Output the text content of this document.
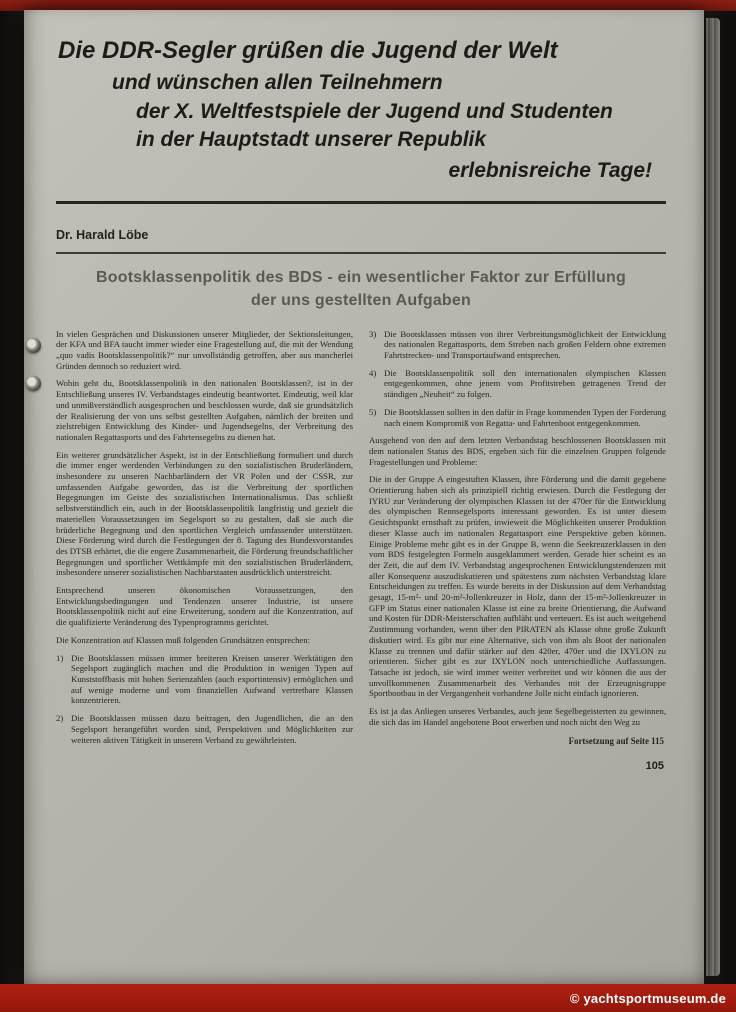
Die DDR-Segler grüßen die Jugend der Welt
und wünschen allen Teilnehmern
der X. Weltfestspiele der Jugend und Studenten
in der Hauptstadt unserer Republik
erlebnisreiche Tage!
Dr. Harald Löbe
Bootsklassenpolitik des BDS - ein wesentlicher Faktor zur Erfüllung
der uns gestellten Aufgaben

In vielen Gesprächen und Diskussionen unserer Mitglieder, der Sektionsleitungen, der KFA und BFA taucht immer wieder eine Fragestellung auf, die mit der Wendung „quo vadis Bootsklassenpolitik?“ nur unvollständig getroffen, aber aus mancherlei Gründen dennoch so reduziert wird.

Wohin geht du, Bootsklassenpolitik in den nationalen Bootsklassen?, ist in der Entschließung unseres IV. Verbandstages eindeutig beantwortet. Eindeutig, weil klar und unmißverständlich ausgesprochen und beschlossen wurde, daß sie grundsätzlich der Realisierung der von uns selbst gestellten Aufgaben, nämlich der breiten und zielstrebigen Entwicklung des Kinder- und Jugendsegelns, der Verbreitung des nationalen Regattasports und des Fahrtensegelns zu dienen hat.

Ein weiterer grundsätzlicher Aspekt, ist in der Entschließung formuliert und durch die immer enger werdenden Verbindungen zu den sozialistischen Bruderländern, insbesondere zu unseren Nachbarländern der VR Polen und der CSSR, zur umfassenden Aufgabe geworden, das ist die Verbreitung der sportlichen Begegnungen im Geiste des sozialistischen Internationalismus. Das schließt selbstverständlich ein, auch in der Bootsklassenpolitik langfristig und gezielt die materiellen Voraussetzungen im Segelsport so zu gestalten, daß sie auch die brüderliche Begegnung und den sportlichen Vergleich umfassender unterstützen. Diese Förderung wird durch die Festlegungen der 8. Tagung des Bundesvorstandes des DTSB erhärtet, die die engere Zusammenarbeit, die Förderung freundschaftlicher Begegnungen und sportlicher Wettkämpfe mit den sozialistischen Bruderländern, insbesondere unserer sozialistischen Nachbarstaaten ausdrücklich unterstreicht.

Entsprechend unseren ökonomischen Voraussetzungen, den Entwicklungsbedingungen und Tendenzen unserer Industrie, ist unsere Bootsklassenpolitik nicht auf eine Erweiterung, sondern auf die Konzentration, auf die qualifizierte Veränderung des Typenprogramms gerichtet.

Die Konzentration auf Klassen muß folgenden Grundsätzen entsprechen:

1) Die Bootsklassen müssen immer breiteren Kreisen unserer Werktätigen den Segelsport zugänglich machen und die Produktion in wenigen Typen auf Kunststoffbasis mit hohen Serienzahlen (auch exportintensiv) ermöglichen und auf wenige moderne und vom finanziellen Aufwand vertretbare Klassen konzentrieren.
2) Die Bootsklassen müssen dazu beitragen, den Jugendlichen, die an den Segelsport herangeführt worden sind, Perspektiven und Möglichkeiten zur weiteren aktiven Tätigkeit in unserem Verband zu gewährleisten.
3) Die Bootsklassen müssen von ihrer Verbreitungsmöglichkeit der Entwicklung des nationalen Regattasports, dem Streben nach großen Feldern ohne extremen Fahrtstrecken- und Transportaufwand entsprechen.
4) Die Bootsklassenpolitik soll den internationalen olympischen Klassen entgegenkommen, ohne jenem vom Profitstreben getragenen Trend der ständigen „Neuheit“ zu folgen.
5) Die Bootsklassen sollten in den dafür in Frage kommenden Typen der Forderung nach einem Kompromiß von Regatta- und Fahrtenboot entgegenkommen.

Ausgehend von den auf dem letzten Verbandstag beschlossenen Bootsklassen mit dem nationalen Status des BDS, ergeben sich für die einzelnen Gruppen folgende Fragestellungen und Probleme:

Die in der Gruppe A eingestuften Klassen, ihre Förderung und die damit gegebene Orientierung haben sich als prinzipiell richtig erwiesen. Durch die Festlegung der IYRU zur Veränderung der olympischen Klassen ist der 470er für die Entwicklung des olympischen Rennsegelsports interessant geworden. Es ist unter diesem Gesichtspunkt ernsthaft zu prüfen, inwieweit die Möglichkeiten unserer Produktion dieser Klasse auch im nationalen Regattasport eine Perspektive geben können. Einige Probleme mehr gibt es in der Gruppe B, wenn die Seekreuzerklassen in den vom BDS festgelegten Formeln ausgeklammert werden. Gerade hier scheint es an der Zeit, die auf dem IV. Verbandstag angesprochenen Entwicklungstendenzen mit aller Konsequenz auszudiskutieren und spätestens zum nächsten Verbandstag klare Entscheidungen zu treffen. Es wurde bereits in der Diskussion auf dem Verbandstag gesagt, 15-m²- und 20-m²-Jollenkreuzer in Holz, dann der 15-m²-Jollenkreuzer in GFP im Status einer nationalen Klasse ist eine zu breite Orientierung, die Aufwand und Kosten für DDR-Meisterschaften aufbläht und verteuert. Es ist auch weitgehend Zustimmung vorhanden, wenn über den PIRATEN als Klasse ohne große Zukunft diskutiert wird. Es gibt nur eine Alternative, sich von ihm als Boot der nationalen Klasse zu trennen und dafür stärker auf den 420er, 470er und die IXYLON zu orientieren. Sicher gibt es zur IXYLON noch unterschiedliche Auffassungen. Tatsache ist jedoch, sie wird immer weiter verbreitet und wir können die aus der unvollkommenen Zusammenarbeit des Verbandes mit der Erzeugnisgruppe Sportbootbau in der Vergangenheit vorhandene Jolle nicht einfach ignorieren.

Es ist ja das Anliegen unseres Verbandes, auch jene Segelbegeisterten zu gewinnen, die sich das im Handel angebotene Boot erwerben und noch nicht den Weg zu

Fortsetzung auf Seite 115
105
© yachtsportmuseum.de
